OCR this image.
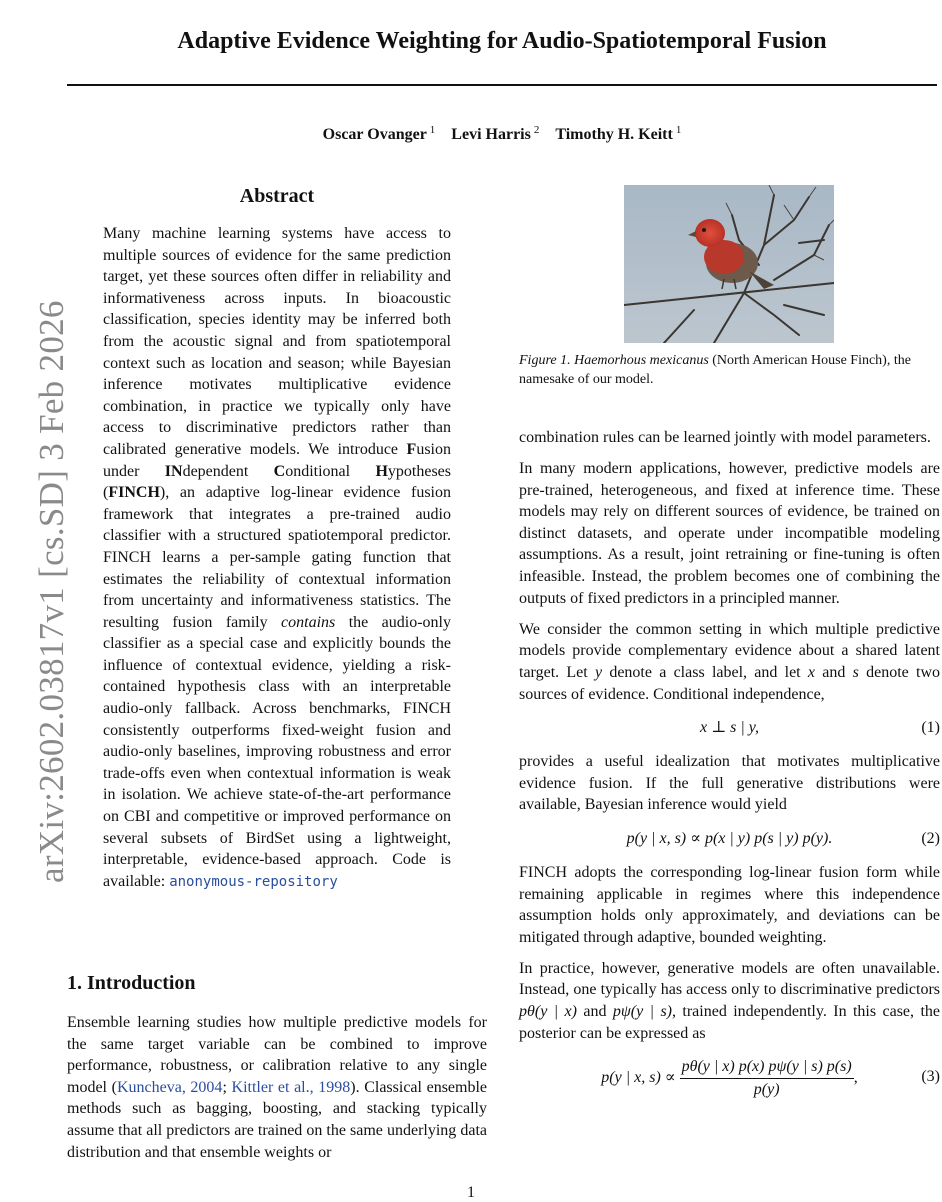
Adaptive Evidence Weighting for Audio-Spatiotemporal Fusion
Oscar Ovanger $^1$ Levi Harris $^2$ Timothy H. Keitt $^1$
arXiv:2602.03817v1 [cs.SD] 3 Feb 2026
Abstract
Many machine learning systems have access to multiple sources of evidence for the same prediction target, yet these sources often differ in reliability and informativeness across inputs. In bioacoustic classification, species identity may be inferred both from the acoustic signal and from spatiotemporal context such as location and season; while Bayesian inference motivates multiplicative evidence combination, in practice we typically only have access to discriminative predictors rather than calibrated generative models. We introduce Fusion under INdependent Conditional Hypotheses (FINCH), an adaptive log-linear evidence fusion framework that integrates a pre-trained audio classifier with a structured spatiotemporal predictor. FINCH learns a per-sample gating function that estimates the reliability of contextual information from uncertainty and informativeness statistics. The resulting fusion family contains the audio-only classifier as a special case and explicitly bounds the influence of contextual evidence, yielding a risk-contained hypothesis class with an interpretable audio-only fallback. Across benchmarks, FINCH consistently outperforms fixed-weight fusion and audio-only baselines, improving robustness and error trade-offs even when contextual information is weak in isolation. We achieve state-of-the-art performance on CBI and competitive or improved performance on several subsets of BirdSet using a lightweight, interpretable, evidence-based approach. Code is available: anonymous-repository
1. Introduction
Ensemble learning studies how multiple predictive models for the same target variable can be combined to improve performance, robustness, or calibration relative to any single model (Kuncheva, 2004; Kittler et al., 1998). Classical ensemble methods such as bagging, boosting, and stacking typically assume that all predictors are trained on the same underlying data distribution and that ensemble weights or
Figure 1. Haemorhous mexicanus (North American House Finch), the namesake of our model.

combination rules can be learned jointly with model parameters.

In many modern applications, however, predictive models are pre-trained, heterogeneous, and fixed at inference time. These models may rely on different sources of evidence, be trained on distinct datasets, and operate under incompatible modeling assumptions. As a result, joint retraining or fine-tuning is often infeasible. Instead, the problem becomes one of combining the outputs of fixed predictors in a principled manner.

We consider the common setting in which multiple predictive models provide complementary evidence about a shared latent target. Let y denote a class label, and let x and s denote two sources of evidence. Conditional independence,

x ⊥ s | y,	(1)

provides a useful idealization that motivates multiplicative evidence fusion. If the full generative distributions were available, Bayesian inference would yield

p(y | x, s) ∝ p(x | y) p(s | y) p(y).	(2)

FINCH adopts the corresponding log-linear fusion form while remaining applicable in regimes where this independence assumption holds only approximately, and deviations can be mitigated through adaptive, bounded weighting.

In practice, however, generative models are often unavailable. Instead, one typically has access only to discriminative predictors pθ(y | x) and pψ(y | s), trained independently. In this case, the posterior can be expressed as

p(y | x, $s) \propto \frac{p\theta(y | x) p(x) p\psi(y | s) p(s)}{p(y)}$ ,	(3)
1
